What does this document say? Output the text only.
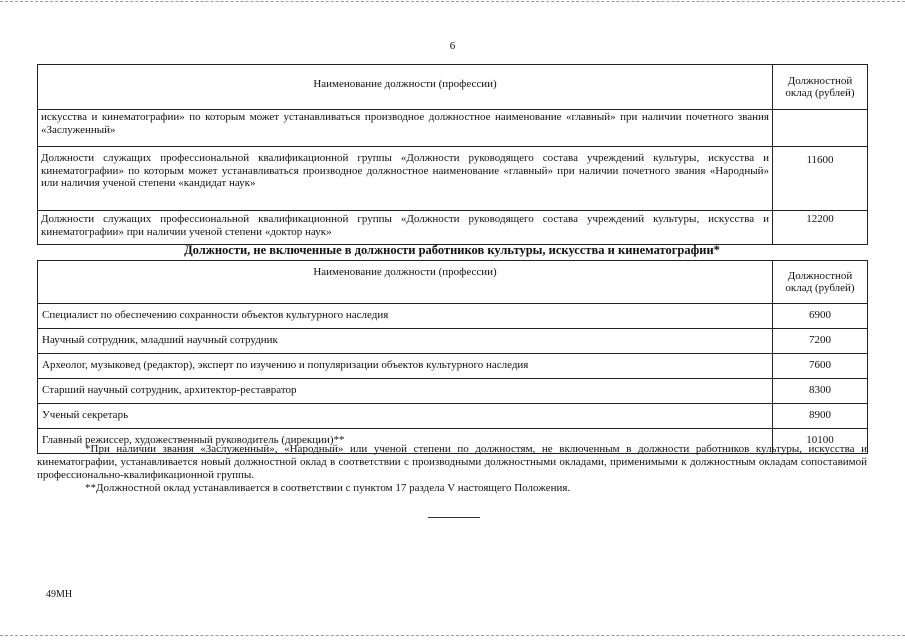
6
Наименование должности (профессии)	Должностной оклад (рублей)
искусства и кинематографии» по которым может устанавливаться производное должностное наименование «главный» при наличии почетного звания «Заслуженный»	
Должности служащих профессиональной квалификационной группы «Должности руководящего состава учреждений культуры, искусства и кинематографии» по которым может устанавливаться производное должностное наименование «главный» при наличии почетного звания «Народный» или наличия ученой степени «кандидат наук»	11600
Должности служащих профессиональной квалификационной группы «Должности руководящего состава учреждений культуры, искусства и кинематографии» при наличии ученой степени «доктор наук»	12200
Должности, не включенные в должности работников культуры, искусства и кинематографии*
Наименование должности (профессии)	Должностной оклад (рублей)
Специалист по обеспечению сохранности объектов культурного наследия	6900
Научный сотрудник, младший научный сотрудник	7200
Археолог, музыковед (редактор), эксперт по изучению и популяризации объектов культурного наследия	7600
Старший научный сотрудник, архитектор-реставратор	8300
Ученый секретарь	8900
Главный режиссер, художественный руководитель (дирекции)**	10100

*При наличии звания «Заслуженный», «Народный» или ученой степени по должностям, не включенным в должности работников культуры, искусства и кинематографии, устанавливается новый должностной оклад в соответствии с производными должностными окладами, применимыми к должностным окладам сопоставимой профессионально-квалификационной группы.

**Должностной оклад устанавливается в соответствии с пунктом 17 раздела V настоящего Положения.

49МН
